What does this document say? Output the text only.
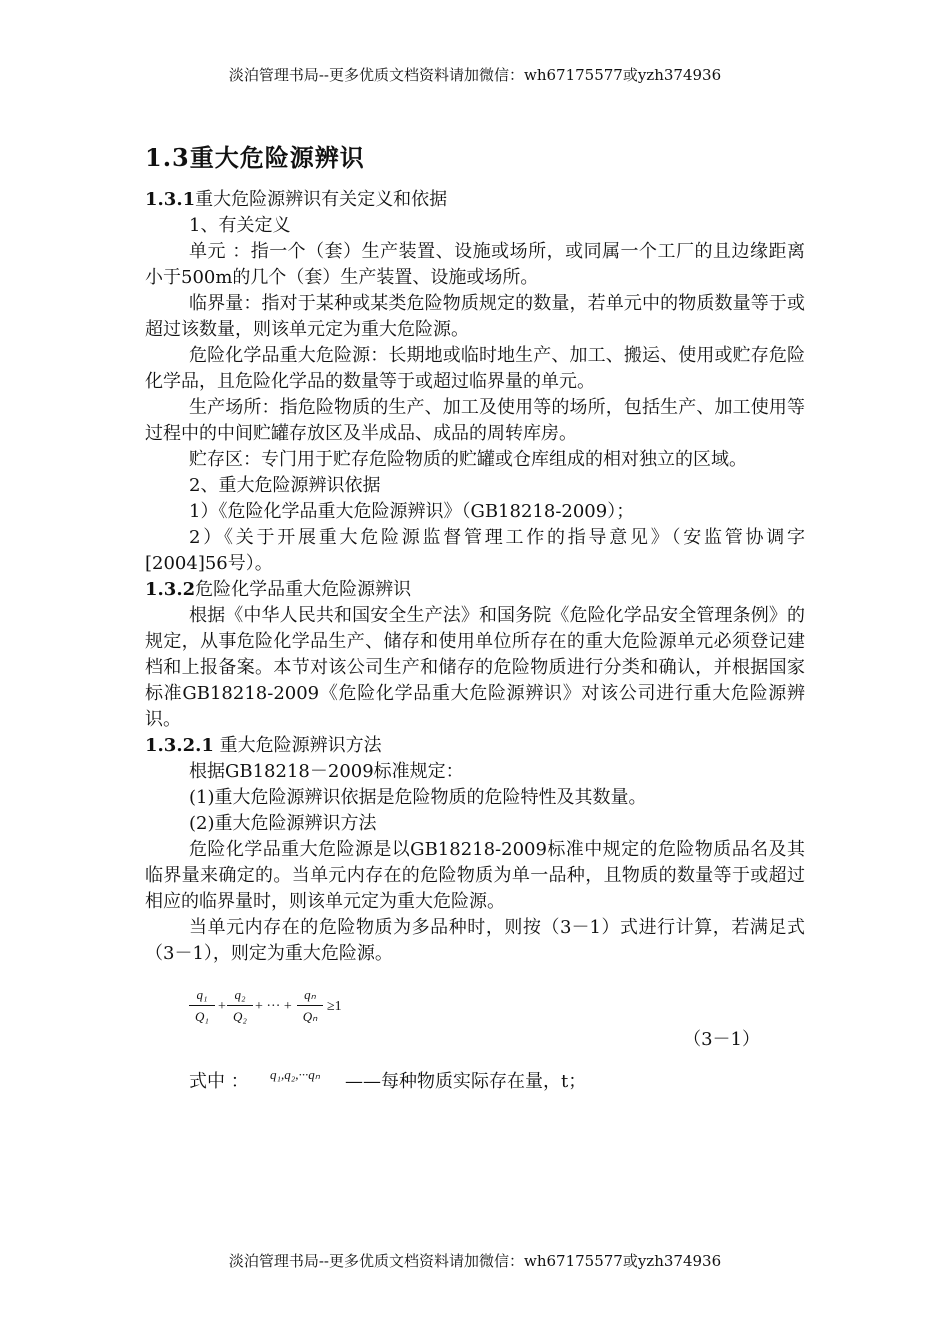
淡泊管理书局--更多优质文档资料请加微信：wh67175577或yzh374936
1.3重大危险源辨识
1.3.1重大危险源辨识有关定义和依据
1、有关定义
单元 ：指一个（套）生产装置、设施或场所，或同属一个工厂的且边缘距离小于500m的几个（套）生产装置、设施或场所。
临界量：指对于某种或某类危险物质规定的数量，若单元中的物质数量等于或超过该数量，则该单元定为重大危险源。
危险化学品重大危险源：长期地或临时地生产、加工、搬运、使用或贮存危险化学品，且危险化学品的数量等于或超过临界量的单元。
生产场所：指危险物质的生产、加工及使用等的场所，包括生产、加工使用等过程中的中间贮罐存放区及半成品、成品的周转库房。
贮存区：专门用于贮存危险物质的贮罐或仓库组成的相对独立的区域。
2、重大危险源辨识依据
1）《危险化学品重大危险源辨识》（GB18218-2009）；
2）《关于开展重大危险源监督管理工作的指导意见》（安监管协调字[2004]56号）。
1.3.2危险化学品重大危险源辨识
根据《中华人民共和国安全生产法》和国务院《危险化学品安全管理条例》的规定，从事危险化学品生产、储存和使用单位所存在的重大危险源单元必须登记建档和上报备案。本节对该公司生产和储存的危险物质进行分类和确认，并根据国家标准GB18218-2009《危险化学品重大危险源辨识》对该公司进行重大危险源辨识。
1.3.2.1 重大危险源辨识方法
根据GB18218－2009标准规定：
(1)重大危险源辨识依据是危险物质的危险特性及其数量。
(2)重大危险源辨识方法
危险化学品重大危险源是以GB18218-2009标准中规定的危险物质品名及其临界量来确定的。当单元内存在的危险物质为单一品种，且物质的数量等于或超过相应的临界量时，则该单元定为重大危险源。
当单元内存在的危险物质为多品种时，则按（3－1）式进行计算，若满足式（3－1），则定为重大危险源。
$\frac{\text{q₁}}{\text{Q₁}} + \frac{\text{q₂}}{\text{Q₂}}$ + ··· + $\frac{\text{qₙ}}{\text{Qₙ}} \ge 1$
（3－1）
式中 ： q₁,q₂,···qₙ ——每种物质实际存在量，t；
淡泊管理书局--更多优质文档资料请加微信：wh67175577或yzh374936
